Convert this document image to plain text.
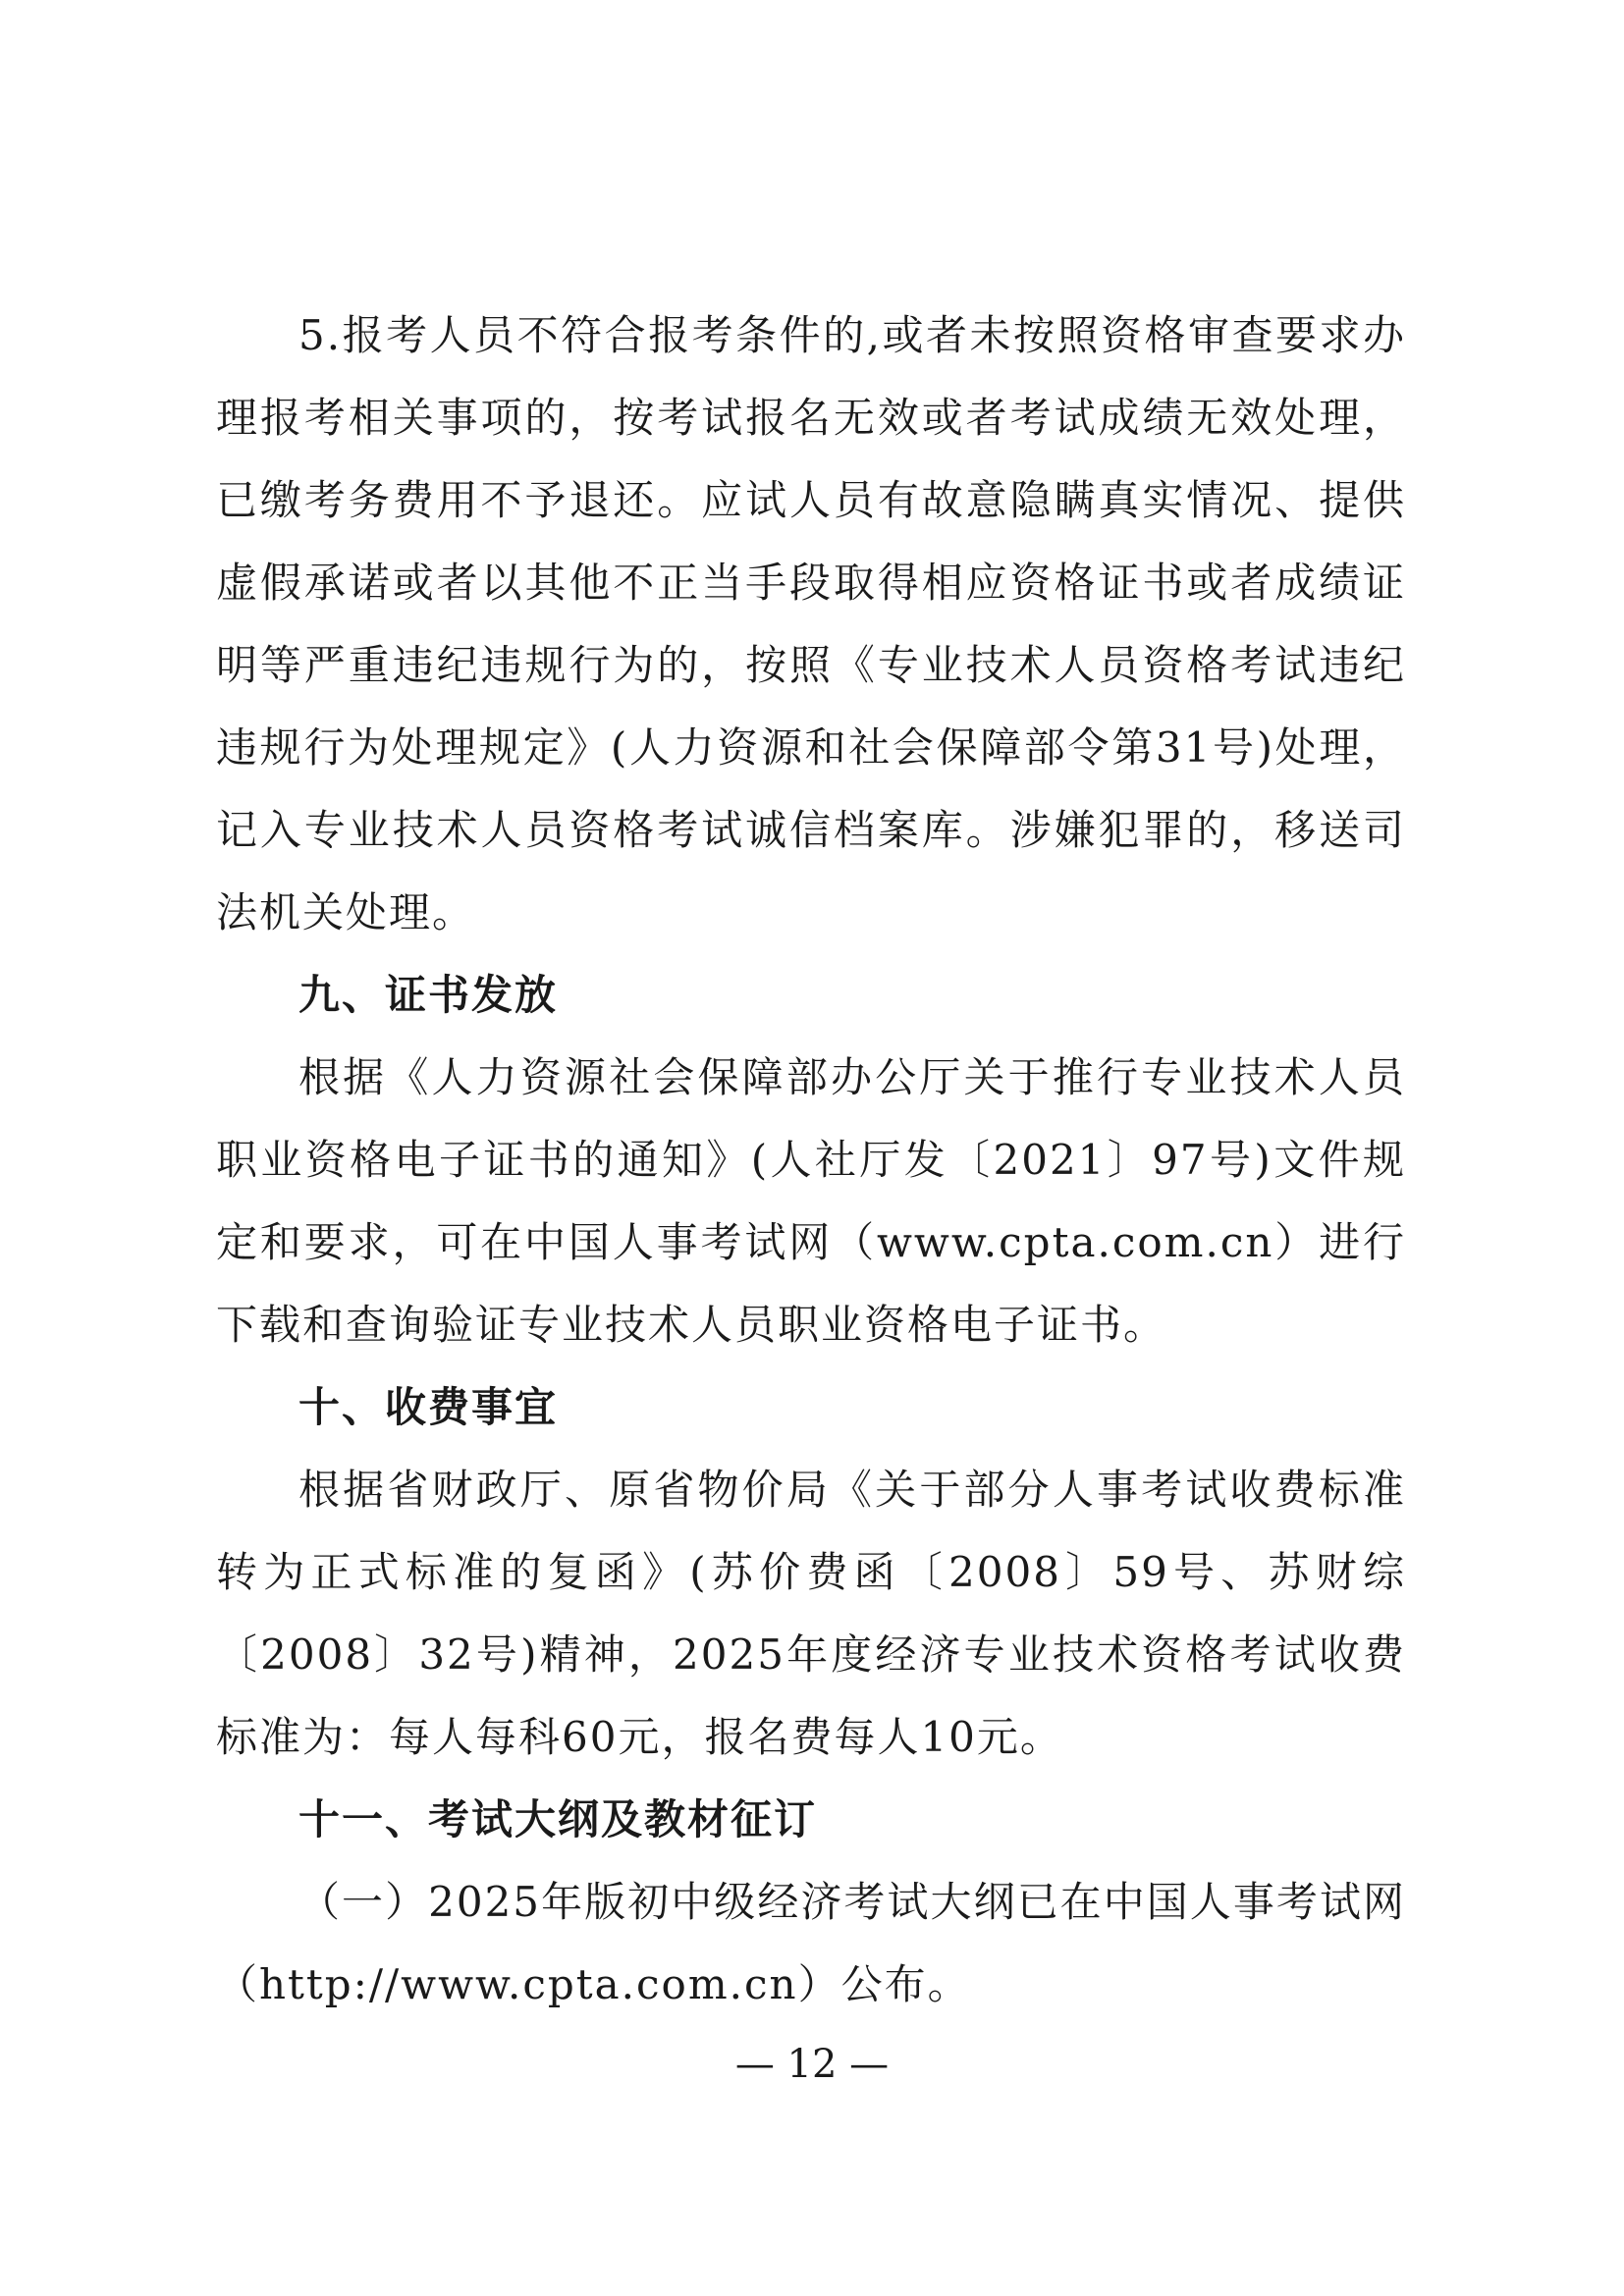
5.报考人员不符合报考条件的,或者未按照资格审查要求办理报考相关事项的，按考试报名无效或者考试成绩无效处理，已缴考务费用不予退还。应试人员有故意隐瞒真实情况、提供虚假承诺或者以其他不正当手段取得相应资格证书或者成绩证明等严重违纪违规行为的，按照《专业技术人员资格考试违纪违规行为处理规定》(人力资源和社会保障部令第31号)处理，记入专业技术人员资格考试诚信档案库。涉嫌犯罪的，移送司法机关处理。

九、证书发放

根据《人力资源社会保障部办公厅关于推行专业技术人员职业资格电子证书的通知》(人社厅发〔2021〕97号)文件规定和要求，可在中国人事考试网（www.cpta.com.cn）进行下载和查询验证专业技术人员职业资格电子证书。

十、收费事宜

根据省财政厅、原省物价局《关于部分人事考试收费标准转为正式标准的复函》(苏价费函〔2008〕59号、苏财综〔2008〕32号)精神，2025年度经济专业技术资格考试收费标准为：每人每科60元，报名费每人10元。

十一、考试大纲及教材征订

（一）2025年版初中级经济考试大纲已在中国人事考试网（http://www.cpta.com.cn）公布。

— 12 —
